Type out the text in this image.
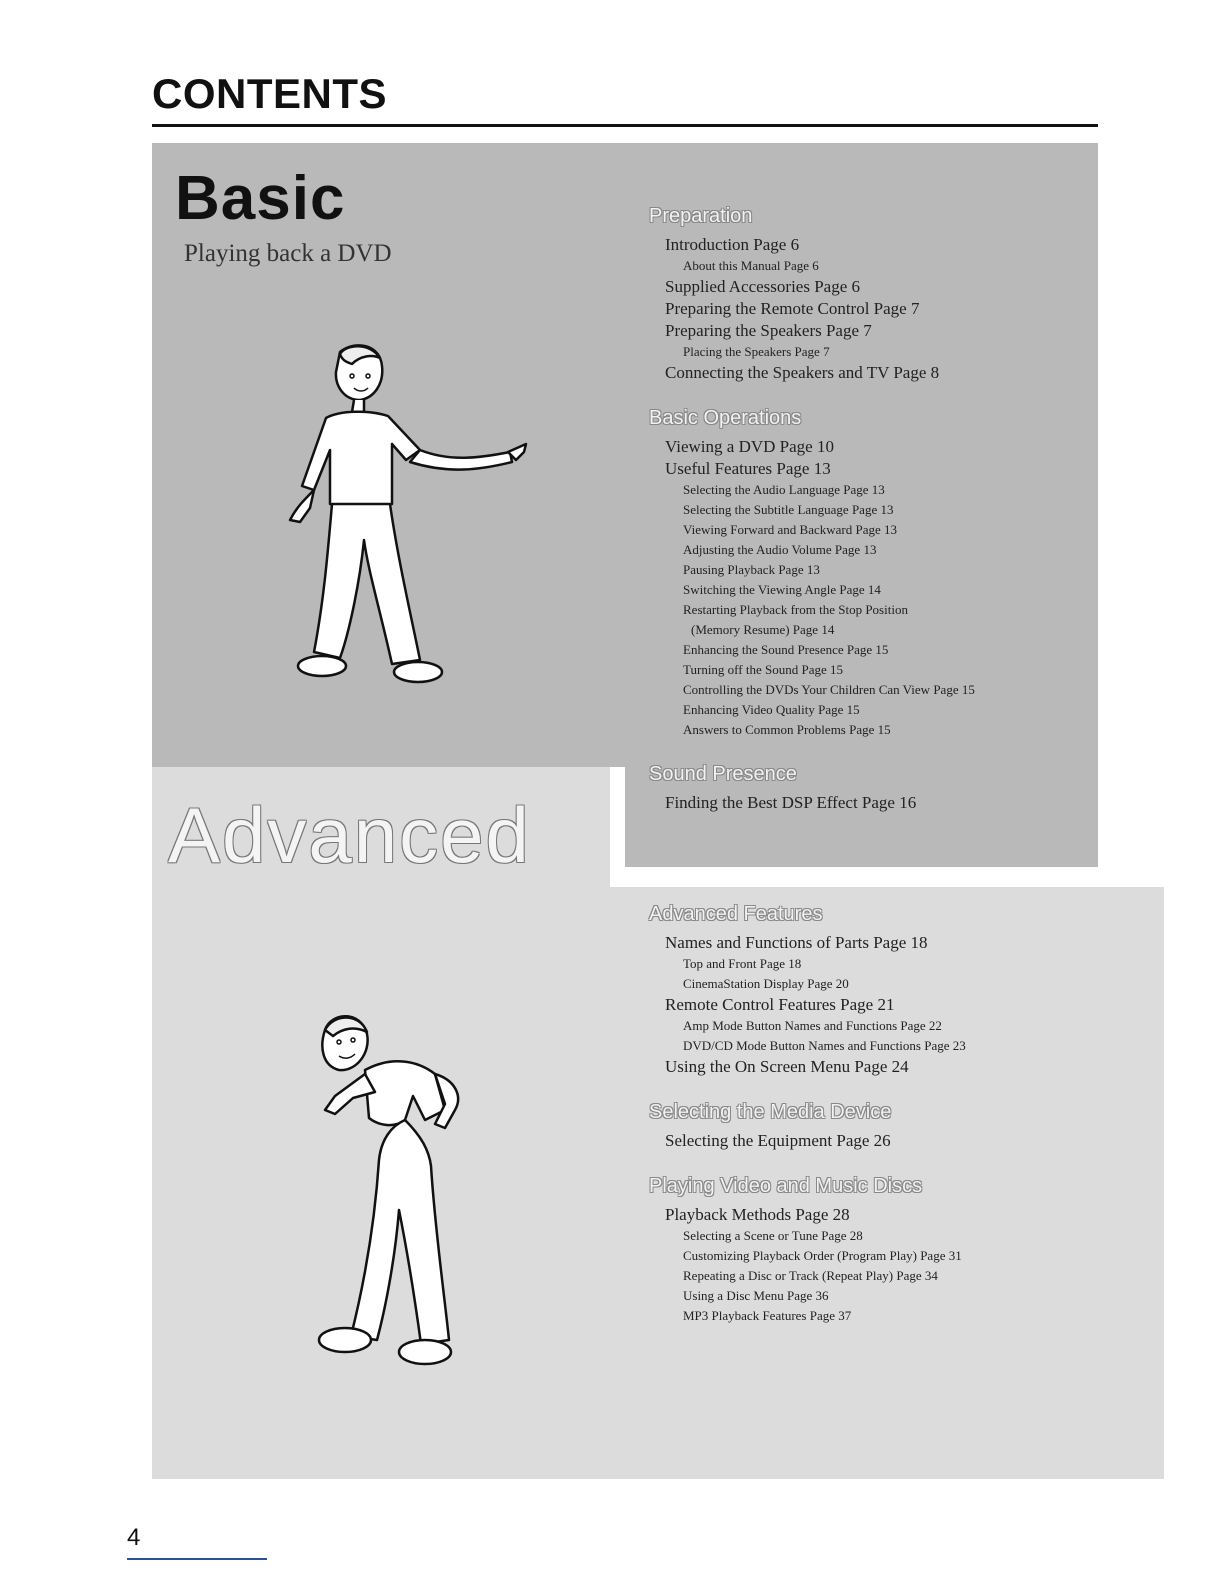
CONTENTS
Basic
Playing back a DVD
Advanced
Preparation
Introduction Page 6
About this Manual Page 6
Supplied Accessories Page 6
Preparing the Remote Control Page 7
Preparing the Speakers Page 7
Placing the Speakers Page 7
Connecting the Speakers and TV Page 8
Basic Operations
Viewing a DVD Page 10
Useful Features Page 13
Selecting the Audio Language Page 13
Selecting the Subtitle Language Page 13
Viewing Forward and Backward Page 13
Adjusting the Audio Volume Page 13
Pausing Playback Page 13
Switching the Viewing Angle Page 14
Restarting Playback from the Stop Position
(Memory Resume) Page 14
Enhancing the Sound Presence Page 15
Turning off the Sound Page 15
Controlling the DVDs Your Children Can View Page 15
Enhancing Video Quality Page 15
Answers to Common Problems Page 15
Sound Presence
Finding the Best DSP Effect Page 16
Advanced Features
Names and Functions of Parts Page 18
Top and Front Page 18
CinemaStation Display Page 20
Remote Control Features Page 21
Amp Mode Button Names and Functions Page 22
DVD/CD Mode Button Names and Functions Page 23
Using the On Screen Menu Page 24
Selecting the Media Device
Selecting the Equipment Page 26
Playing Video and Music Discs
Playback Methods Page 28
Selecting a Scene or Tune Page 28
Customizing Playback Order (Program Play) Page 31
Repeating a Disc or Track (Repeat Play) Page 34
Using a Disc Menu Page 36
MP3 Playback Features Page 37
4
